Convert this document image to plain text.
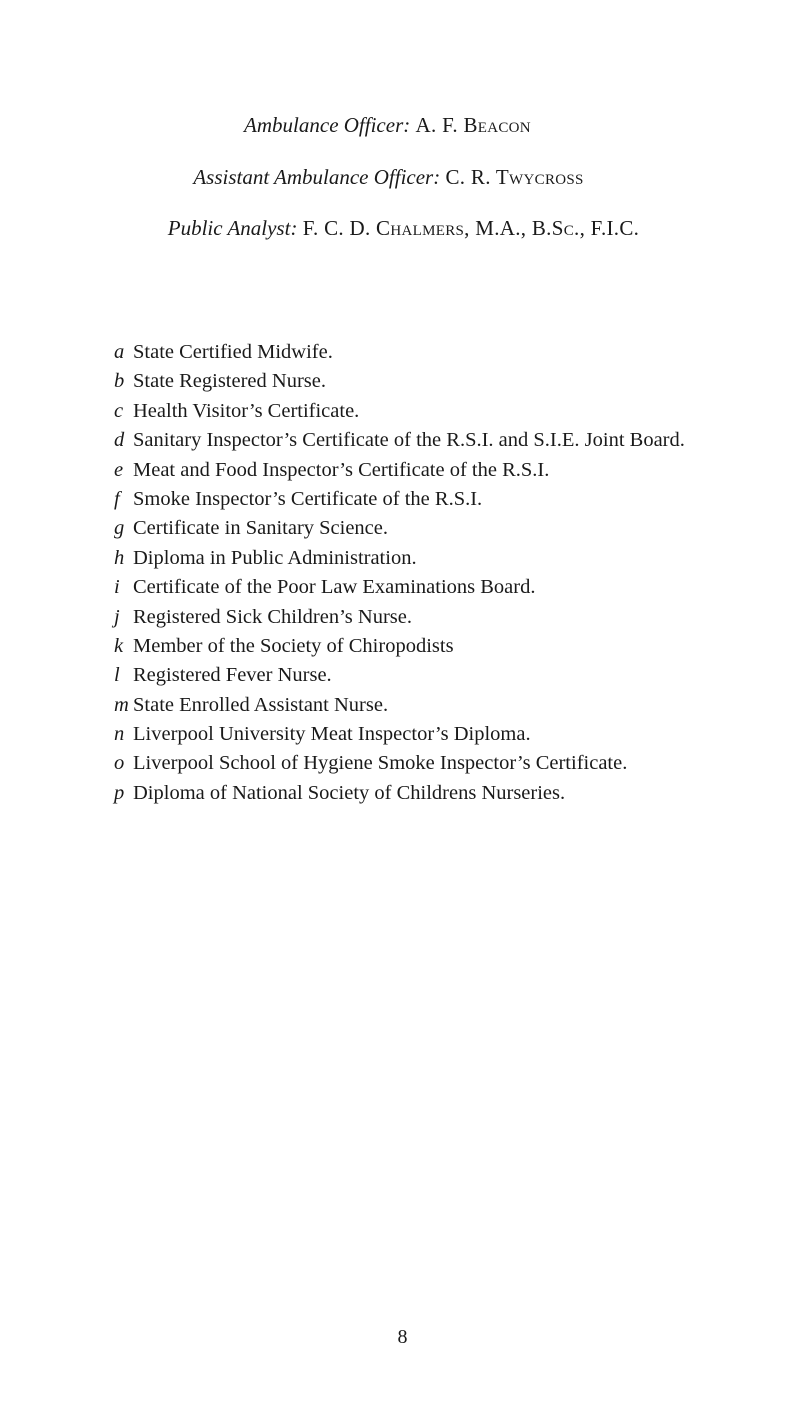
Ambulance Officer: A. F. Beacon

Assistant Ambulance Officer: C. R. Twycross

Public Analyst: F. C. D. Chalmers, M.A., B.Sc., F.I.C.

a State Certified Midwife.
b State Registered Nurse.
c Health Visitor’s Certificate.
d Sanitary Inspector’s Certificate of the R.S.I. and S.I.E. Joint Board.
e Meat and Food Inspector’s Certificate of the R.S.I.
f Smoke Inspector’s Certificate of the R.S.I.
g Certificate in Sanitary Science.
h Diploma in Public Administration.
i Certificate of the Poor Law Examinations Board.
j Registered Sick Children’s Nurse.
k Member of the Society of Chiropodists
l Registered Fever Nurse.
m State Enrolled Assistant Nurse.
n Liverpool University Meat Inspector’s Diploma.
o Liverpool School of Hygiene Smoke Inspector’s Certificate.
p Diploma of National Society of Childrens Nurseries.
8
